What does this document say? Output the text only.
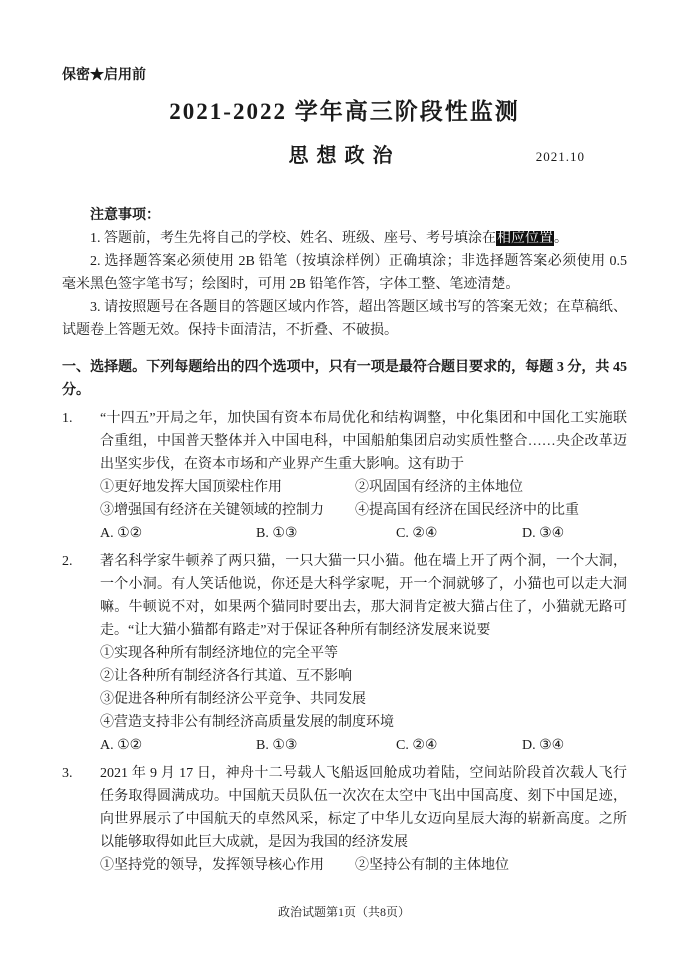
保密★启用前
2021-2022 学年高三阶段性监测
思想政治	2021.10

注意事项：

1. 答题前，考生先将自己的学校、姓名、班级、座号、考号填涂在相应位置。

2. 选择题答案必须使用 2B 铅笔（按填涂样例）正确填涂；非选择题答案必须使用 0.5 毫米黑色签字笔书写；绘图时，可用 2B 铅笔作答，字体工整、笔迹清楚。

3. 请按照题号在各题目的答题区域内作答，超出答题区域书写的答案无效；在草稿纸、试题卷上答题无效。保持卡面清洁，不折叠、不破损。

一、选择题。下列每题给出的四个选项中，只有一项是最符合题目要求的，每题 3 分，共 45 分。

1.	“十四五”开局之年，加快国有资本布局优化和结构调整，中化集团和中国化工实施联合重组，中国普天整体并入中国电科，中国船舶集团启动实质性整合……央企改革迈出坚实步伐，在资本市场和产业界产生重大影响。这有助于

①更好地发挥大国顶梁柱作用	②巩固国有经济的主体地位
③增强国有经济在关键领域的控制力	④提高国有经济在国民经济中的比重
A. ①②	B. ①③	C. ②④	D. ③④
2.	著名科学家牛顿养了两只猫，一只大猫一只小猫。他在墙上开了两个洞，一个大洞，一个小洞。有人笑话他说，你还是大科学家呢，开一个洞就够了，小猫也可以走大洞嘛。牛顿说不对，如果两个猫同时要出去，那大洞肯定被大猫占住了，小猫就无路可走。“让大猫小猫都有路走”对于保证各种所有制经济发展来说要

①实现各种所有制经济地位的完全平等
②让各种所有制经济各行其道、互不影响
③促进各种所有制经济公平竞争、共同发展
④营造支持非公有制经济高质量发展的制度环境
A. ①②	B. ①③	C. ②④	D. ③④
3.	2021 年 9 月 17 日，神舟十二号载人飞船返回舱成功着陆，空间站阶段首次载人飞行任务取得圆满成功。中国航天员队伍一次次在太空中飞出中国高度、刻下中国足迹，向世界展示了中国航天的卓然风采，标定了中华儿女迈向星辰大海的崭新高度。之所以能够取得如此巨大成就，是因为我国的经济发展

①坚持党的领导，发挥领导核心作用	②坚持公有制的主体地位
政治试题第1页（共8页）
